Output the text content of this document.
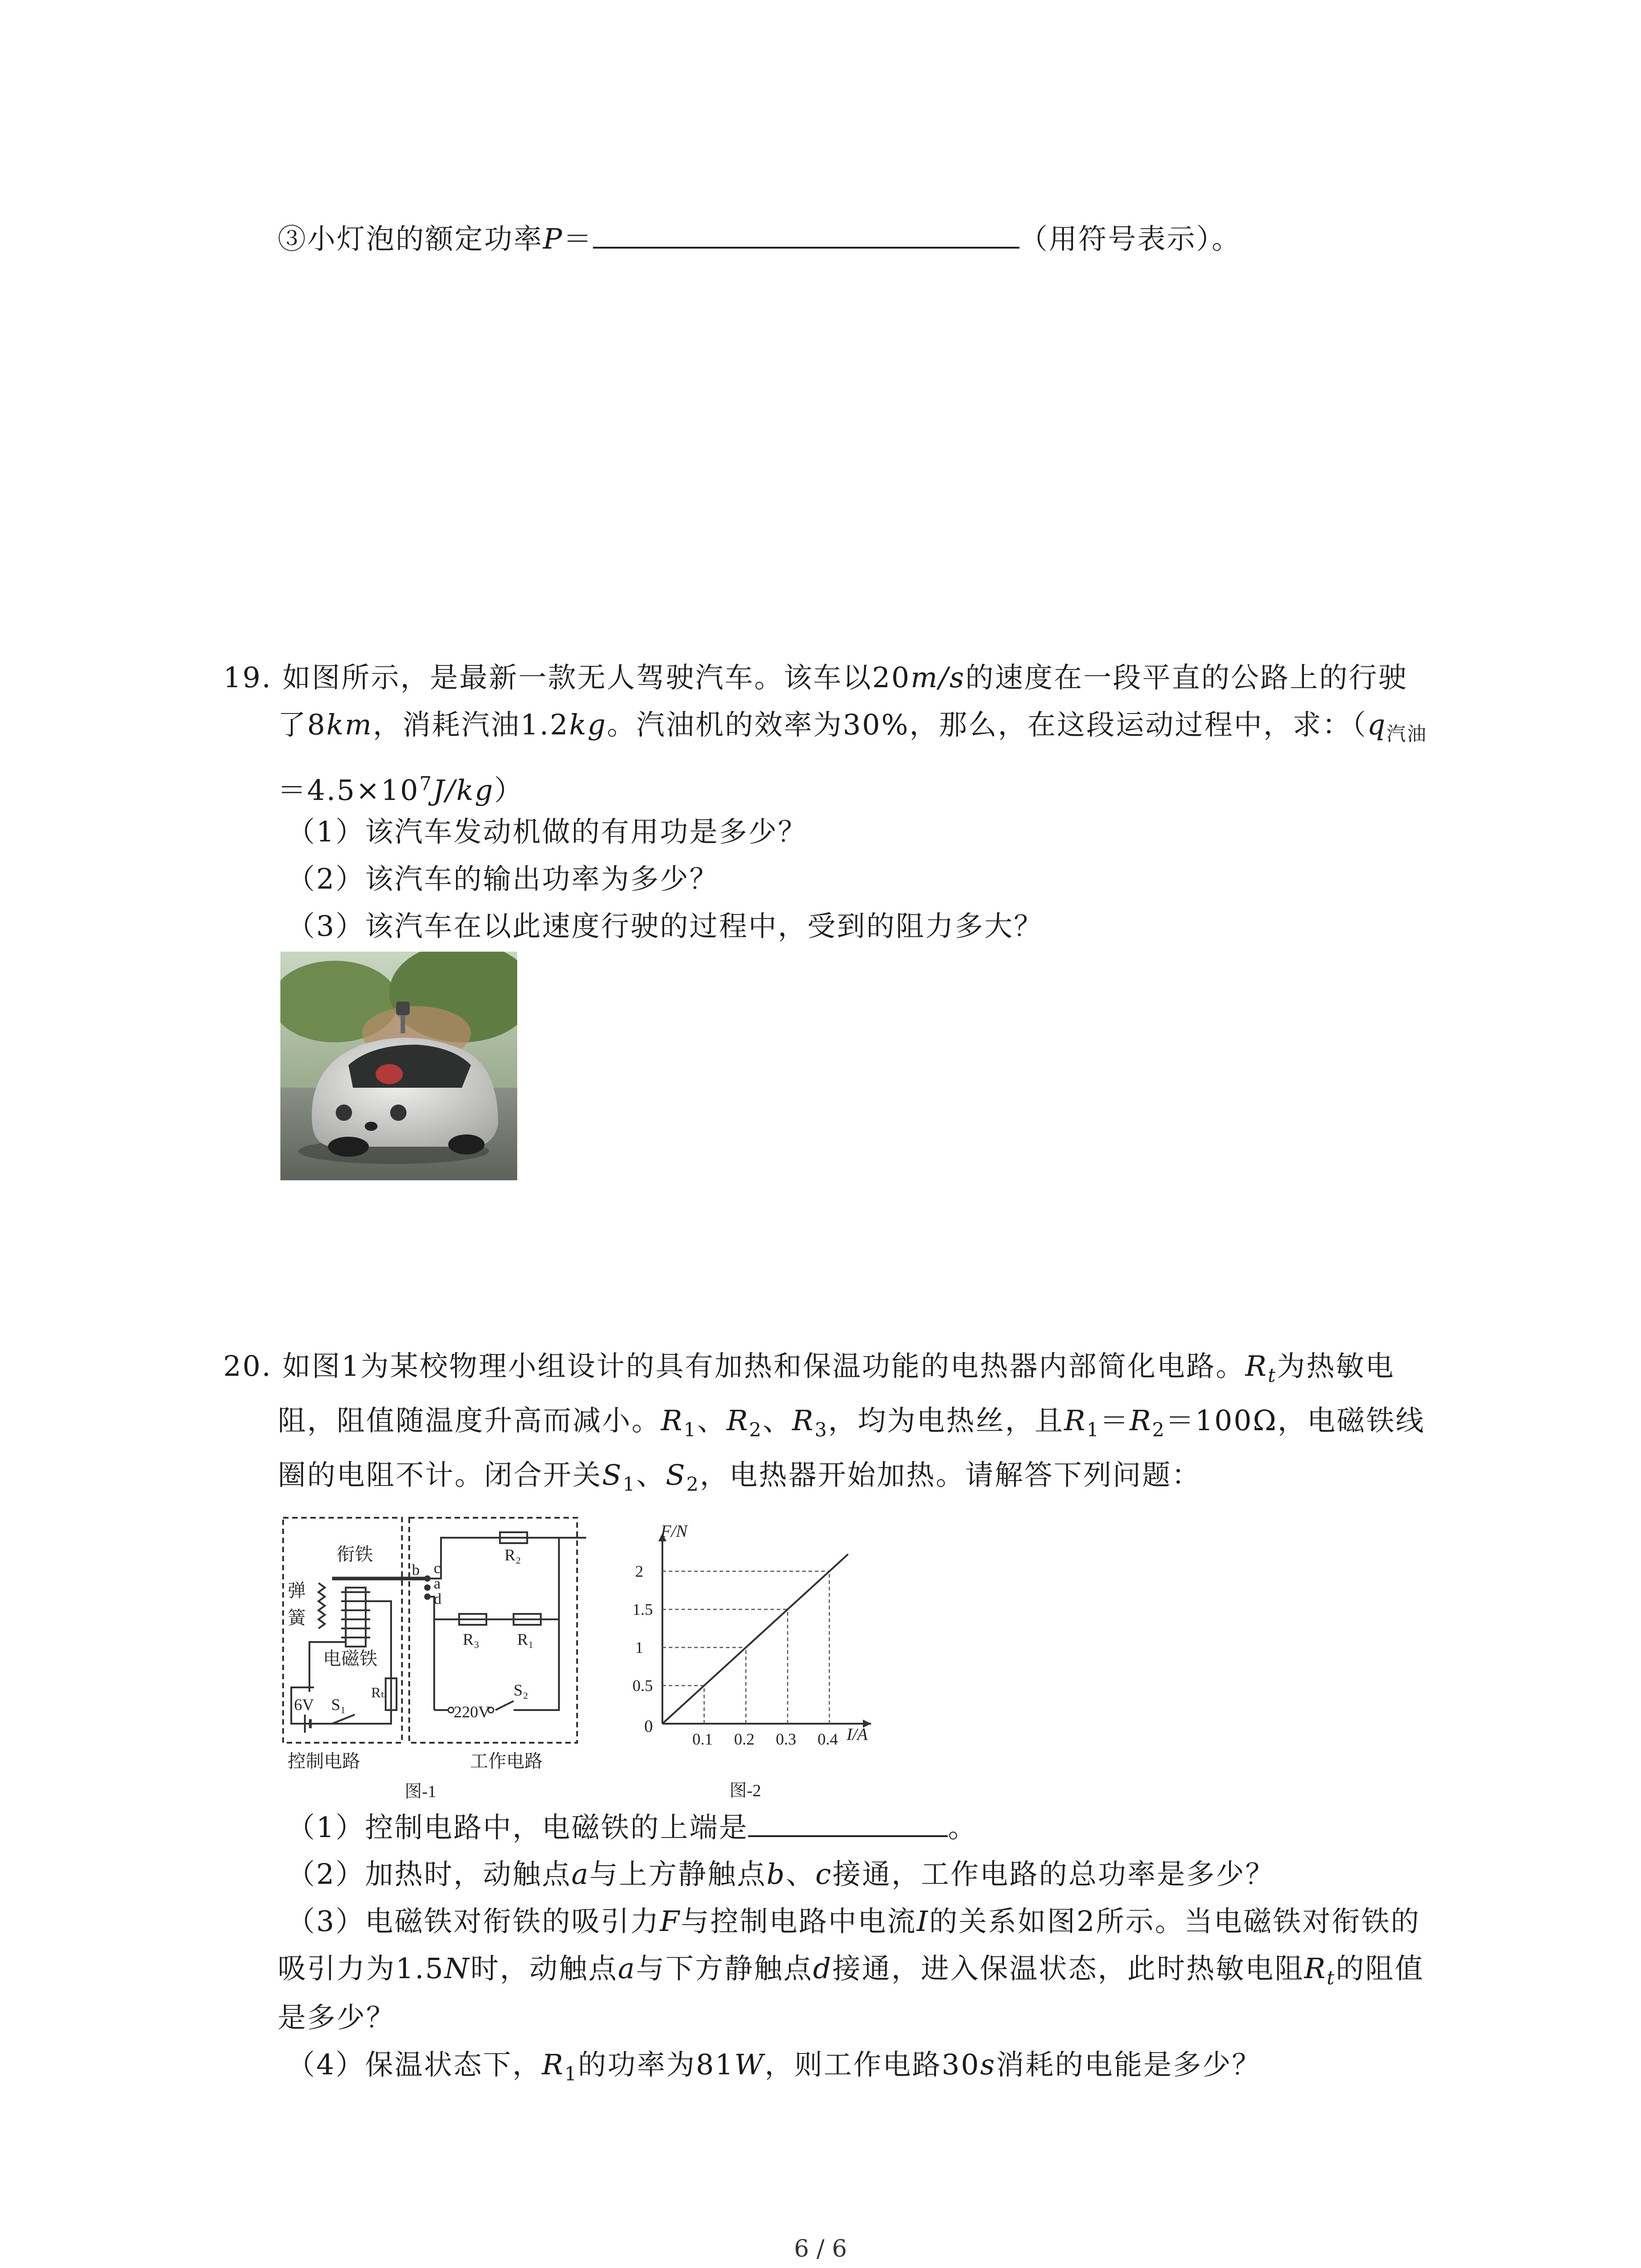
③小灯泡的额定功率P＝	（用符号表示）。
19. 如图所示，是最新一款无人驾驶汽车。该车以20m/s的速度在一段平直的公路上的行驶
了8km，消耗汽油1.2kg。汽油机的效率为30%，那么，在这段运动过程中，求：（$q_{汽油}$
$=4.5\times 10^7J/kg$）
（1）该汽车发动机做的有用功是多少？
（2）该汽车的输出功率为多少？
（3）该汽车在以此速度行驶的过程中，受到的阻力多大？
20. 如图1为某校物理小组设计的具有加热和保温功能的电热器内部简化电路。$R_t$为热敏电
阻，阻值随温度升高而减小。$R_1$、$R_2$、$R_3$，均为电热丝，且$R_1=R_2=100\Omega$，电磁铁线
圈的电阻不计。闭合开关$S_1$、$S_2$，电热器开始加热。请解答下列问题：
衔铁
弹
簧
电磁铁
b c
a
d
R₂
R₃ R₁
220V
S₂
6V S₁
Rₜ
控制电路	工作电路
图-1
0.1 0.2 0.3 0.4
0.5
1
1.5
2
F/N
I/A
0
图-2
（1）控制电路中，电磁铁的上端是	。
（2）加热时，动触点a与上方静触点b、c接通，工作电路的总功率是多少？
（3）电磁铁对衔铁的吸引力F与控制电路中电流I的关系如图2所示。当电磁铁对衔铁的
吸引力为1.5N时，动触点a与下方静触点d接通，进入保温状态，此时热敏电阻$R_t$的阻值
是多少？
（4）保温状态下，$R_1$的功率为81W，则工作电路30s消耗的电能是多少？
6 / 6
